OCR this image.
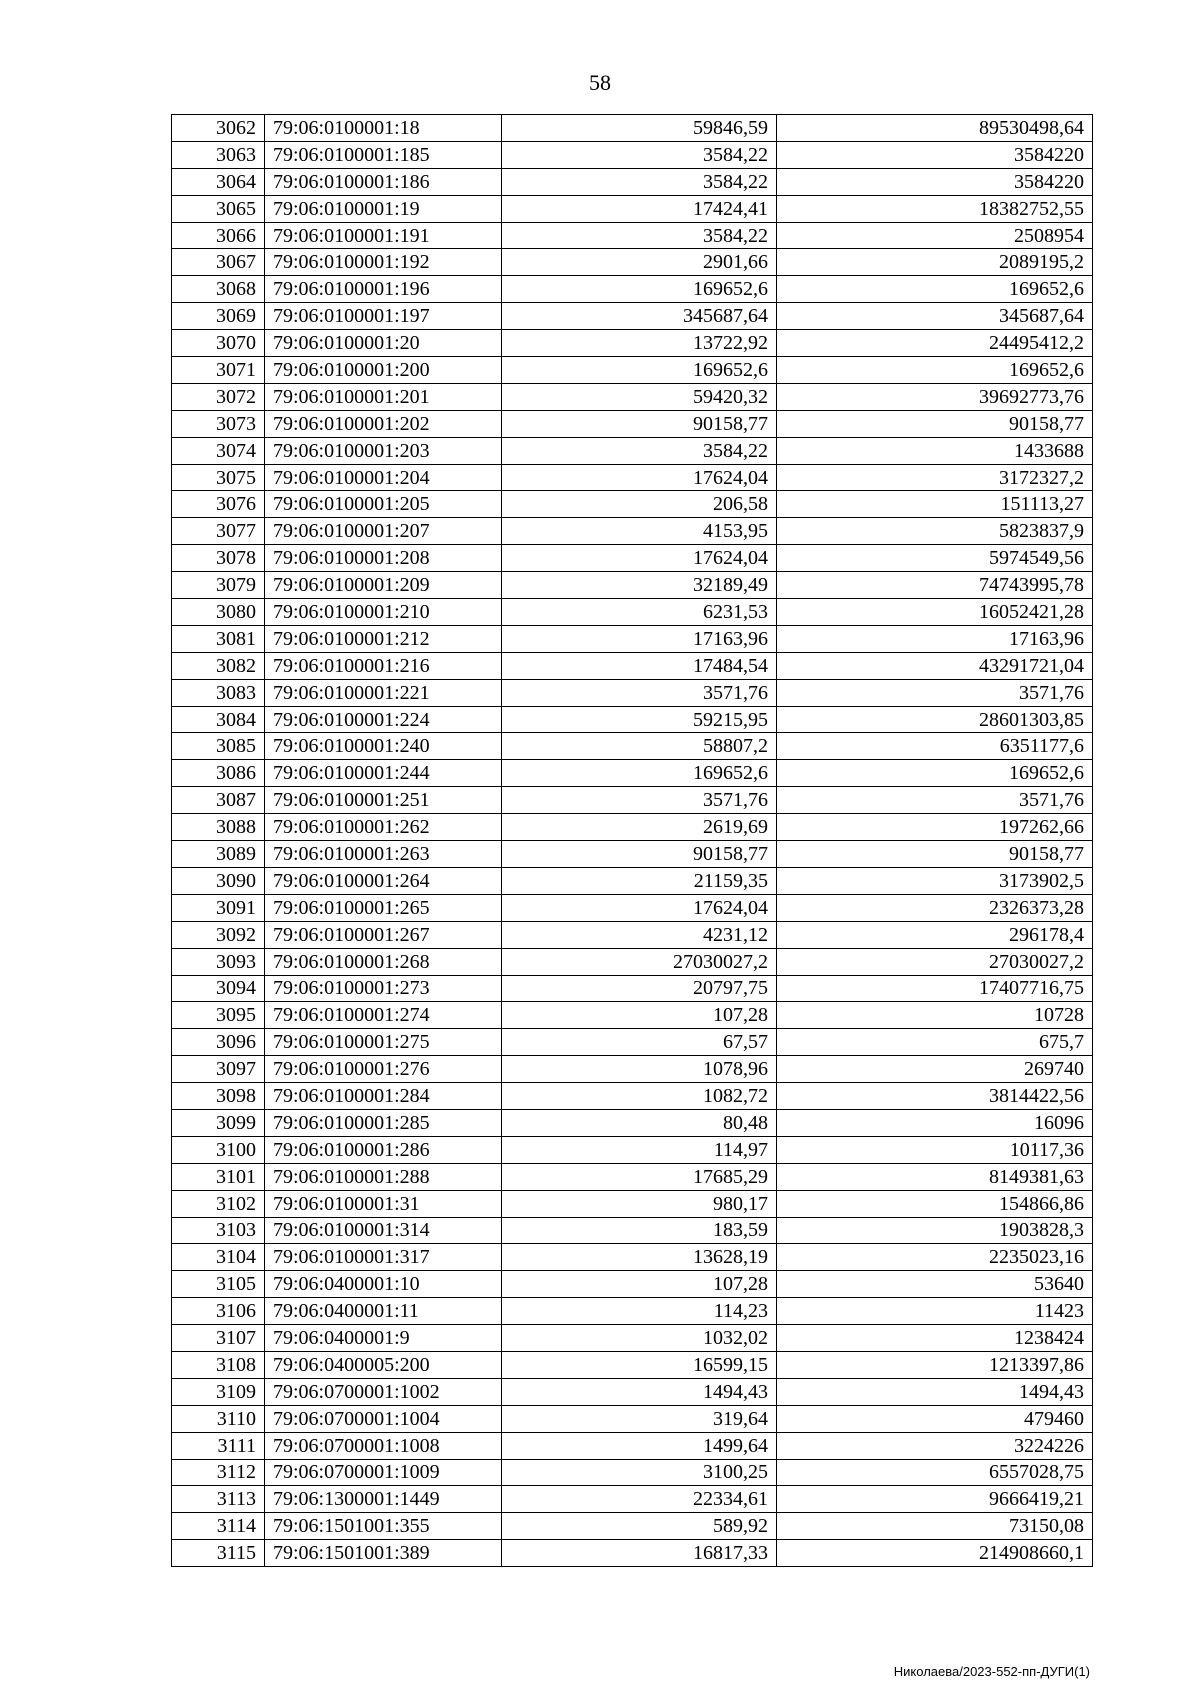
58
3062	79:06:0100001:18	59846,59	89530498,64
3063	79:06:0100001:185	3584,22	3584220
3064	79:06:0100001:186	3584,22	3584220
3065	79:06:0100001:19	17424,41	18382752,55
3066	79:06:0100001:191	3584,22	2508954
3067	79:06:0100001:192	2901,66	2089195,2
3068	79:06:0100001:196	169652,6	169652,6
3069	79:06:0100001:197	345687,64	345687,64
3070	79:06:0100001:20	13722,92	24495412,2
3071	79:06:0100001:200	169652,6	169652,6
3072	79:06:0100001:201	59420,32	39692773,76
3073	79:06:0100001:202	90158,77	90158,77
3074	79:06:0100001:203	3584,22	1433688
3075	79:06:0100001:204	17624,04	3172327,2
3076	79:06:0100001:205	206,58	151113,27
3077	79:06:0100001:207	4153,95	5823837,9
3078	79:06:0100001:208	17624,04	5974549,56
3079	79:06:0100001:209	32189,49	74743995,78
3080	79:06:0100001:210	6231,53	16052421,28
3081	79:06:0100001:212	17163,96	17163,96
3082	79:06:0100001:216	17484,54	43291721,04
3083	79:06:0100001:221	3571,76	3571,76
3084	79:06:0100001:224	59215,95	28601303,85
3085	79:06:0100001:240	58807,2	6351177,6
3086	79:06:0100001:244	169652,6	169652,6
3087	79:06:0100001:251	3571,76	3571,76
3088	79:06:0100001:262	2619,69	197262,66
3089	79:06:0100001:263	90158,77	90158,77
3090	79:06:0100001:264	21159,35	3173902,5
3091	79:06:0100001:265	17624,04	2326373,28
3092	79:06:0100001:267	4231,12	296178,4
3093	79:06:0100001:268	27030027,2	27030027,2
3094	79:06:0100001:273	20797,75	17407716,75
3095	79:06:0100001:274	107,28	10728
3096	79:06:0100001:275	67,57	675,7
3097	79:06:0100001:276	1078,96	269740
3098	79:06:0100001:284	1082,72	3814422,56
3099	79:06:0100001:285	80,48	16096
3100	79:06:0100001:286	114,97	10117,36
3101	79:06:0100001:288	17685,29	8149381,63
3102	79:06:0100001:31	980,17	154866,86
3103	79:06:0100001:314	183,59	1903828,3
3104	79:06:0100001:317	13628,19	2235023,16
3105	79:06:0400001:10	107,28	53640
3106	79:06:0400001:11	114,23	11423
3107	79:06:0400001:9	1032,02	1238424
3108	79:06:0400005:200	16599,15	1213397,86
3109	79:06:0700001:1002	1494,43	1494,43
3110	79:06:0700001:1004	319,64	479460
3111	79:06:0700001:1008	1499,64	3224226
3112	79:06:0700001:1009	3100,25	6557028,75
3113	79:06:1300001:1449	22334,61	9666419,21
3114	79:06:1501001:355	589,92	73150,08
3115	79:06:1501001:389	16817,33	214908660,1
Николаева/2023-552-пп-ДУГИ(1)
